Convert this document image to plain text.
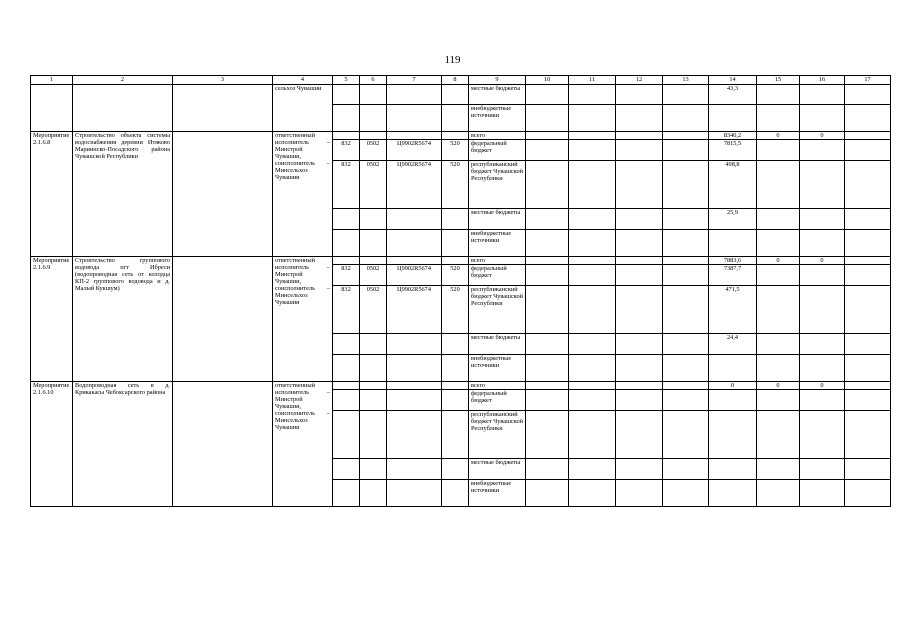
119
1	2	3	4	5	6	7	8	9	10	11	12	13	14	15	16	17
			сельхоз Чувашии					местные бюджеты					43,3			
								внебюджетные источники								
Мероприятие 2.1.6.8	Строительство объекта системы водоснабжения деревни Итяково Мариинско-Посадского района Чувашской Республики		ответственный исполнитель – Минстрой Чувашии, соисполнитель – Минсельхоз Чувашии					всего					8340,2	0	0	
				832	0502	Ц9902R5674	520	федеральный бюджет					7815,5			
				832	0502	Ц9902R5674	520	республиканский бюджет Чувашской Республики					498,8			
								местные бюджеты					25,9			
								внебюджетные источники								
Мероприятие 2.1.6.9	Строительство группового водовода пгт Ибреси (водопроводная сеть от колодца КП-2 группового водовода и д. Малый Кукшум)		ответственный исполнитель – Минстрой Чувашии, соисполнитель – Минсельхоз Чувашии					всего					7883,6	0	0	
				832	0502	Ц9902R5674	520	федеральный бюджет					7387,7			
				832	0502	Ц9902R5674	520	республиканский бюджет Чувашской Республики					471,5			
								местные бюджеты					24,4			
								внебюджетные источники								
Мероприятие 2.1.6.10	Водопроводная сеть в д. Крикакасы Чебоксарского района		ответственный исполнитель – Минстрой Чувашии, соисполнитель – Минсельхоз Чувашии					всего					0	0	0	
								федеральный бюджет								
								республиканский бюджет Чувашской Республики								
								местные бюджеты								
								внебюджетные источники								
